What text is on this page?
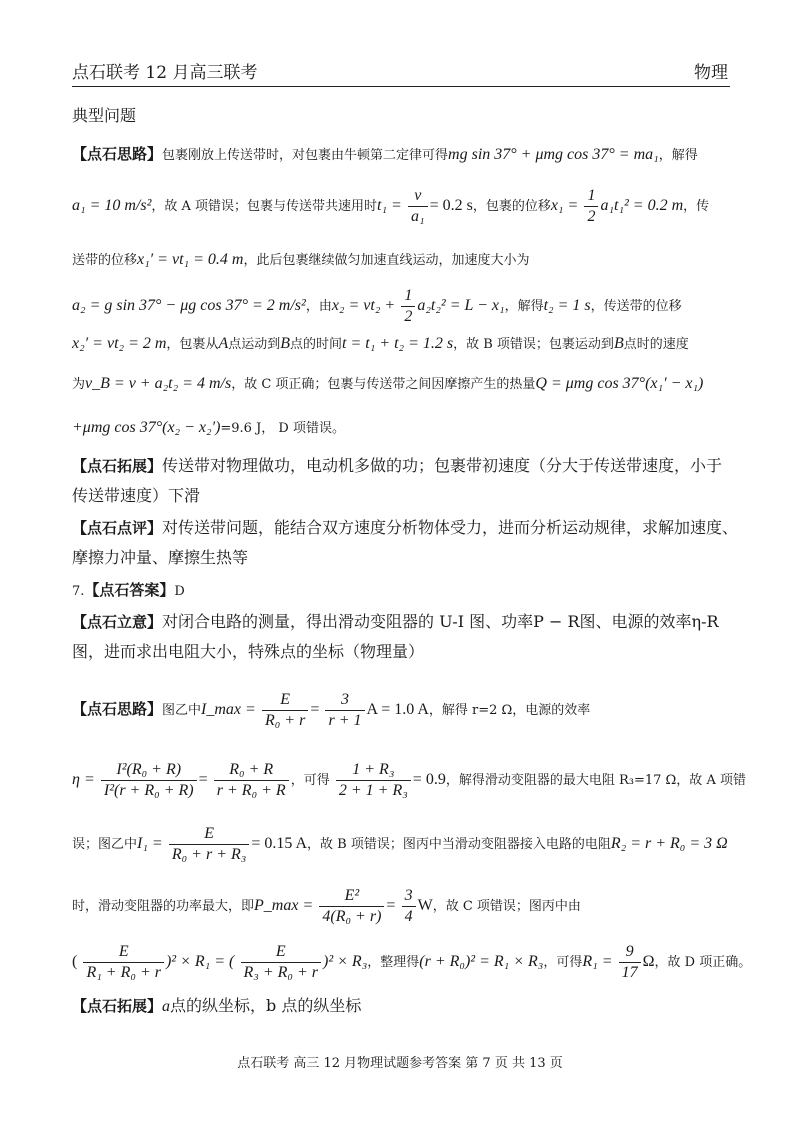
点石联考 12 月高三联考	物理
典型问题
【点石思路】包裹刚放上传送带时，对包裹由牛顿第二定律可得mg sin 37° + μmg cos 37° = ma₁，解得
a₁ = 10 m/s²，故 A 项错误；包裹与传送带共速用时$t_1 = \frac{v}{\text{a₁}} = 0.2$ s，包裹的位移$x_1 = \frac{1}{2} a_1t_1^2 = 0.2$ m，传
送带的位移x₁′ = vt₁ = 0.4 m，此后包裹继续做匀加速直线运动，加速度大小为
a₂ = g sin 37° − μg cos 37° = 2 m/s²，由$x_2 = vt_2 + \frac{1}{2} a_2t_2^2 = L - x_1$，解得t₂ = 1 s，传送带的位移
x₂′ = vt₂ = 2 m，包裹从A点运动到B点的时间t = t₁ + t₂ = 1.2 s，故 B 项错误；包裹运动到B点时的速度
为v_B = v + a₂t₂ = 4 m/s，故 C 项正确；包裹与传送带之间因摩擦产生的热量Q = μmg cos 37°(x₁′ − x₁)
+μmg cos 37°(x₂ − x₂′)=9.6 J， D 项错误。
【点石拓展】传送带对物理做功，电动机多做的功；包裹带初速度（分大于传送带速度，小于
传送带速度）下滑
【点石点评】对传送带问题，能结合双方速度分析物体受力，进而分析运动规律，求解加速度、
摩擦力冲量、摩擦生热等
7.【点石答案】D
【点石立意】对闭合电路的测量，得出滑动变阻器的 U-I 图、功率P − R图、电源的效率η-R
图，进而求出电阻大小，特殊点的坐标（物理量）
【点石思路】图乙中I_max = $\frac{E}{\text{R₀ + r}} = \frac{3}{r + 1}$ A = 1.0 A，解得 r=2 Ω，电源的效率
$\eta = \frac{\text{I²(R₀ + R)}}{\text{I²(r + R₀ + R)}} = \frac{\text{R₀ + R}}{\text{r + R₀ + R}}$ ，可得 $\frac{\text{1 + R₃}}{\text{2 + 1 + R₃}} = 0.9$，解得滑动变阻器的最大电阻 R₃=17 Ω，故 A 项错
误；图乙中$I_1 = \frac{E}{\text{R₀ + r + R₃}} = 0.15$ A，故 B 项错误；图丙中当滑动变阻器接入电路的电阻R₂ = r + R₀ = 3 Ω
时，滑动变阻器的功率最大，即P_max = $\frac{\text{E²}}{\text{4(R₀ + r)}} = \frac{3}{4}$ W，故 C 项错误；图丙中由
( $\frac{E}{\text{R₁ + R₀ + r}} )^2 \times R_1$ = ( $\frac{E}{\text{R₃ + R₀ + r}} )^2 \times R_3$，整理得(r + R₀)² = R₁ × R₃，可得$R_1 = \frac{9}{17}$ Ω，故 D 项正确。
【点石拓展】a点的纵坐标，b 点的纵坐标
点石联考 高三 12 月物理试题参考答案 第 7 页 共 13 页
